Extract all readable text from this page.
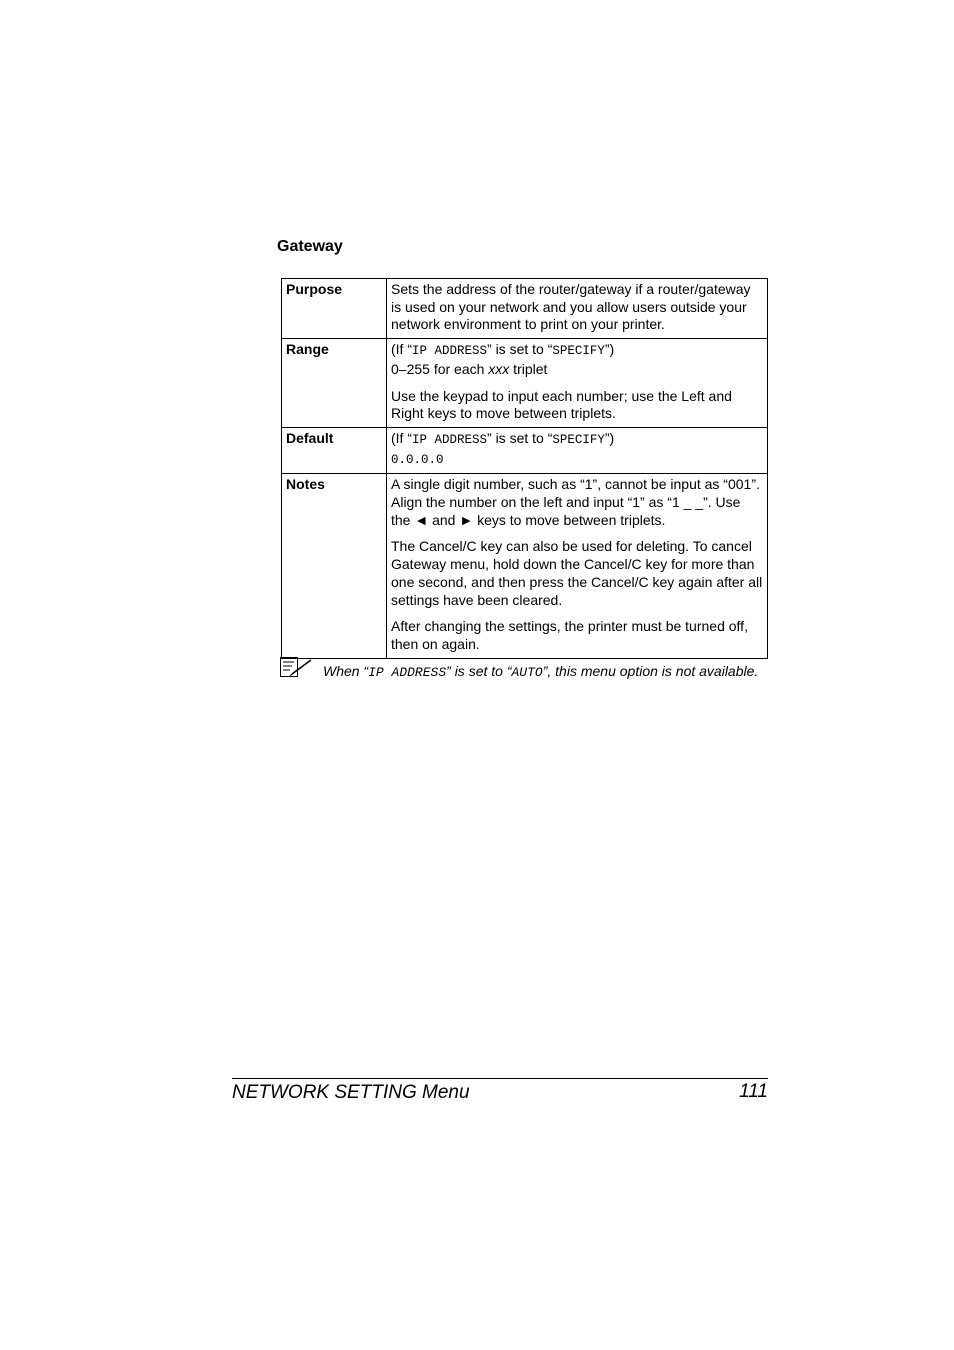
Gateway
Purpose	Sets the address of the router/gateway if a router/gateway is used on your network and you allow users outside your network environment to print on your printer.

Range	(If “IP ADDRESS” is set to “SPECIFY”)
0–255 for each xxx triplet

Use the keypad to input each number; use the Left and Right keys to move between triplets.

Default	(If “IP ADDRESS” is set to “SPECIFY”)
0.0.0.0

Notes	A single digit number, such as “1”, cannot be input as “001”. Align the number on the left and input “1” as “1 _ _”. Use the ◄ and ► keys to move between triplets.

The Cancel/C key can also be used for deleting. To cancel Gateway menu, hold down the Cancel/C key for more than one second, and then press the Cancel/C key again after all settings have been cleared.

After changing the settings, the printer must be turned off, then on again.

When “IP ADDRESS” is set to “AUTO”, this menu option is not available.

NETWORK SETTING Menu	111
